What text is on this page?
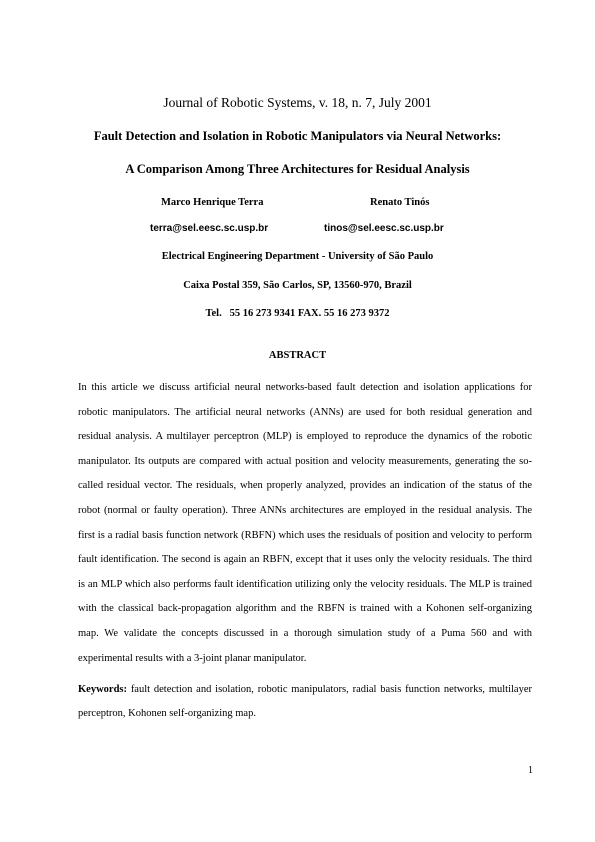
Journal of Robotic Systems, v. 18, n. 7, July 2001
Fault Detection and Isolation in Robotic Manipulators via Neural Networks:
A Comparison Among Three Architectures for Residual Analysis
Marco Henrique Terra	Renato Tinós
terra@sel.eesc.sc.usp.br	tinos@sel.eesc.sc.usp.br
Electrical Engineering Department - University of São Paulo
Caixa Postal 359, São Carlos, SP, 13560-970, Brazil
Tel.   55 16 273 9341 FAX. 55 16 273 9372
ABSTRACT
In this article we discuss artificial neural networks-based fault detection and isolation applications for robotic manipulators. The artificial neural networks (ANNs) are used for both residual generation and residual analysis. A multilayer perceptron (MLP) is employed to reproduce the dynamics of the robotic manipulator. Its outputs are compared with actual position and velocity measurements, generating the so-called residual vector. The residuals, when properly analyzed, provides an indication of the status of the robot (normal or faulty operation). Three ANNs architectures are employed in the residual analysis. The first is a radial basis function network (RBFN) which uses the residuals of position and velocity to perform fault identification. The second is again an RBFN, except that it uses only the velocity residuals. The third is an MLP which also performs fault identification utilizing only the velocity residuals. The MLP is trained with the classical back-propagation algorithm and the RBFN is trained with a Kohonen self-organizing map. We validate the concepts discussed in a thorough simulation study of a Puma 560 and with experimental results with a 3-joint planar manipulator.
Keywords: fault detection and isolation, robotic manipulators, radial basis function networks, multilayer perceptron, Kohonen self-organizing map.
1
